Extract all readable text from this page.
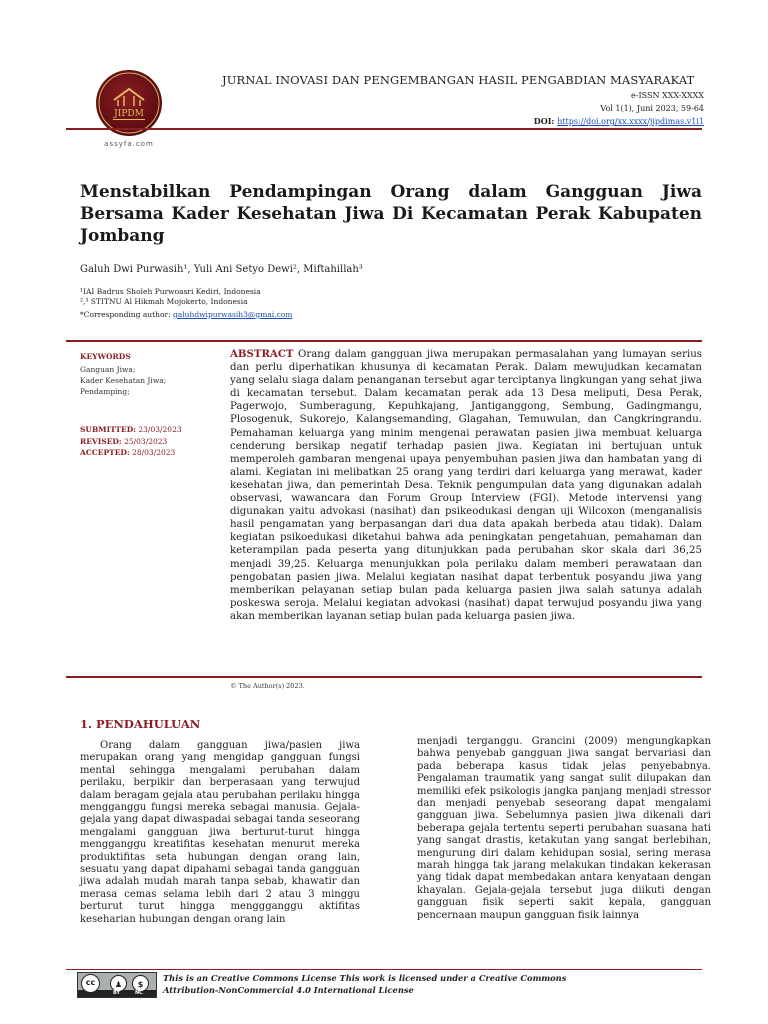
JIPDM
assyfa.com
JURNAL INOVASI DAN PENGEMBANGAN HASIL PENGABDIAN MASYARAKAT
e-ISSN XXX-XXXX
Vol 1(1), Juni 2023, 59-64
DOI: https://doi.org/xx.xxxx/jipdimas.v1i1
Menstabilkan Pendampingan Orang dalam Gangguan Jiwa Bersama Kader Kesehatan Jiwa Di Kecamatan Perak Kabupaten Jombang
Galuh Dwi Purwasih¹, Yuli Ani Setyo Dewi², Miftahillah³
¹IAI Badrus Sholeh Purwoasri Kediri, Indonesia
²,³ STITNU Al Hikmah Mojokerto, Indonesia
*Corresponding author: galuhdwipurwasih3@gmai.com
KEYWORDS
Ganguan Jiwa;
Kader Kesehatan Jiwa;
Pendamping;
SUBMITTED: 23/03/2023
REVISED: 25/03/2023
ACCEPTED: 28/03/2023
ABSTRACT Orang dalam gangguan jiwa merupakan permasalahan yang lumayan serius dan perlu diperhatikan khusunya di kecamatan Perak. Dalam mewujudkan kecamatan yang selalu siaga dalam penanganan tersebut agar terciptanya lingkungan yang sehat jiwa di kecamatan tersebut. Dalam kecamatan perak ada 13 Desa meliputi, Desa Perak, Pagerwojo, Sumberagung, Kepuhkajang, Jantiganggong, Sembung, Gadingmangu, Plosogenuk, Sukorejo, Kalangsemanding, Glagahan, Temuwulan, dan Cangkringrandu. Pemahaman keluarga yang minim mengenai perawatan pasien jiwa membuat keluarga cenderung bersikap negatif terhadap pasien jiwa. Kegiatan ini bertujuan untuk memperoleh gambaran mengenai upaya penyembuhan pasien jiwa dan hambatan yang di alami. Kegiatan ini melibatkan 25 orang yang terdiri dari keluarga yang merawat, kader kesehatan jiwa, dan pemerintah Desa. Teknik pengumpulan data yang digunakan adalah observasi, wawancara dan Forum Group Interview (FGI). Metode intervensi yang digunakan yaitu advokasi (nasihat) dan psikeodukasi dengan uji Wilcoxon (menganalisis hasil pengamatan yang berpasangan dari dua data apakah berbeda atau tidak). Dalam kegiatan psikoedukasi diketahui bahwa ada peningkatan pengetahuan, pemahaman dan keterampilan pada peserta yang ditunjukkan pada perubahan skor skala dari 36,25 menjadi 39,25. Keluarga menunjukkan pola perilaku dalam memberi perawataan dan pengobatan pasien jiwa. Melalui kegiatan nasihat dapat terbentuk posyandu jiwa yang memberikan pelayanan setiap bulan pada keluarga pasien jiwa salah satunya adalah poskeswa seroja. Melalui kegiatan advokasi (nasihat) dapat terwujud posyandu jiwa yang akan memberikan layanan setiap bulan pada keluarga pasien jiwa.
© The Author(s) 2023.
1. PENDAHULUAN
Orang dalam gangguan jiwa/pasien jiwa merupakan orang yang mengidap gangguan fungsi mental sehingga mengalami perubahan dalam perilaku, berpikir dan berperasaan yang terwujud dalam beragam gejala atau perubahan perilaku hingga mengganggu fungsi mereka sebagai manusia. Gejala-gejala yang dapat diwaspadai sebagai tanda seseorang mengalami gangguan jiwa berturut-turut hingga mengganggu kreatifitas kesehatan menurut mereka produktifitas seta hubungan dengan orang lain, sesuatu yang dapat dipahami sebagai tanda gangguan jiwa adalah mudah marah tanpa sebab, khawatir dan merasa cemas selama lebih dari 2 atau 3 minggu berturut turut hingga menggganggu aktifitas keseharian hubungan dengan orang lain
menjadi terganggu. Grancini (2009) mengungkapkan bahwa penyebab gangguan jiwa sangat bervariasi dan pada beberapa kasus tidak jelas penyebabnya. Pengalaman traumatik yang sangat sulit dilupakan dan memiliki efek psikologis jangka panjang menjadi stressor dan menjadi penyebab seseorang dapat mengalami gangguan jiwa. Sebelumnya pasien jiwa dikenali dari beberapa gejala tertentu seperti perubahan suasana hati yang sangat drastis, ketakutan yang sangat berlebihan, mengurung diri dalam kehidupan sosial, sering merasa marah hingga tak jarang melakukan tindakan kekerasan yang tidak dapat membedakan antara kenyataan dengan khayalan. Gejala-gejala tersebut juga diikuti dengan gangguan fisik seperti sakit kepala, gangguan pencernaan maupun gangguan fisik lainnya
cc	♟	$
BY	NC
This is an Creative Commons License This work is licensed under a Creative Commons
Attribution-NonCommercial 4.0 International License
